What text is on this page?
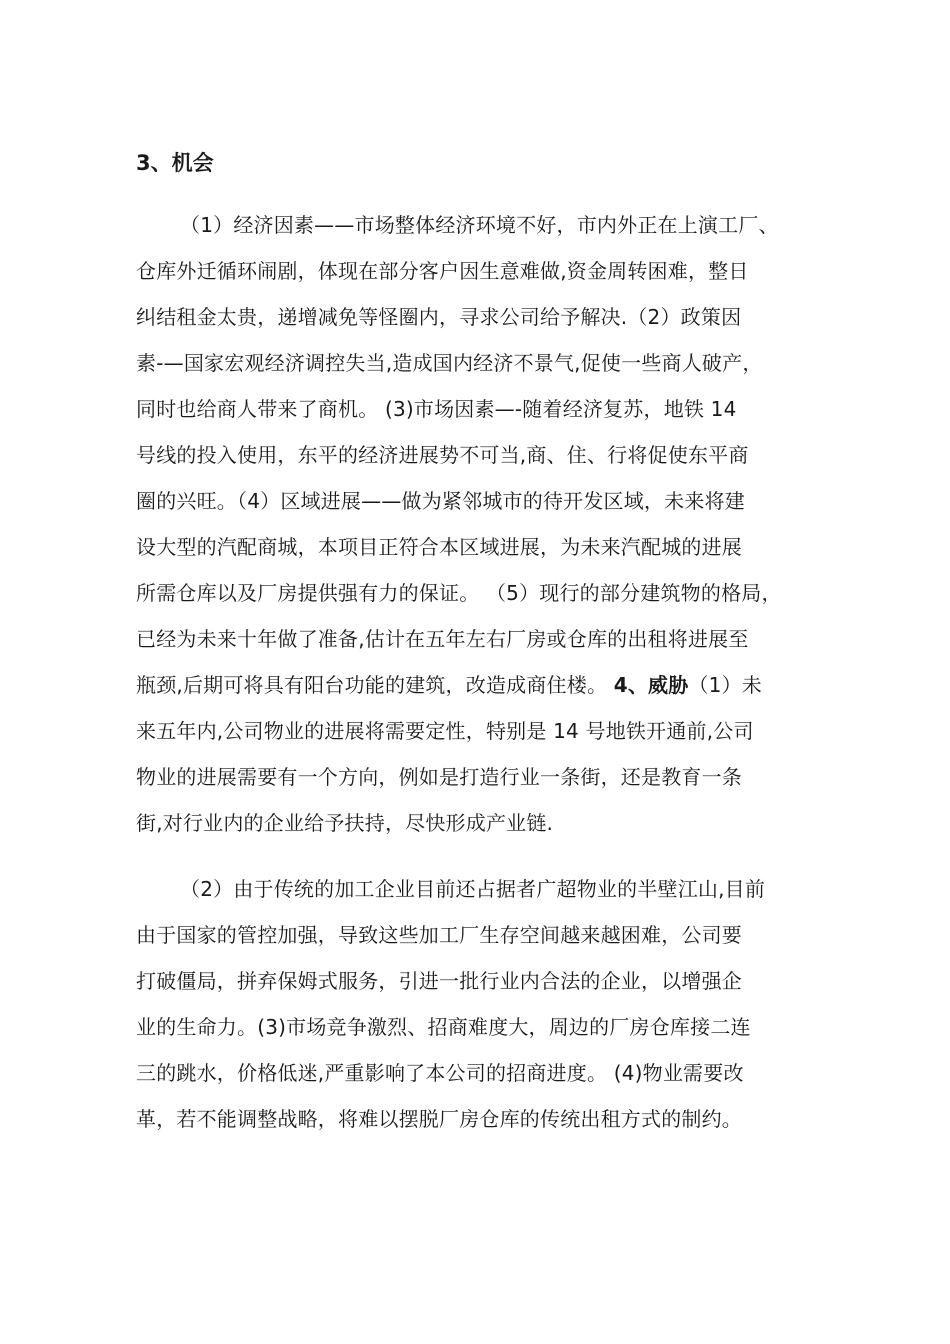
3、机会
（1）经济因素——市场整体经济环境不好，市内外正在上演工厂、
仓库外迁循环闹剧，体现在部分客户因生意难做,资金周转困难，整日
纠结租金太贵，递增减免等怪圈内，寻求公司给予解决.（2）政策因
素-—国家宏观经济调控失当,造成国内经济不景气,促使一些商人破产，
同时也给商人带来了商机。 (3)市场因素—-随着经济复苏，地铁 14
号线的投入使用，东平的经济进展势不可当,商、住、行将促使东平商
圈的兴旺。（4）区域进展——做为紧邻城市的待开发区域，未来将建
设大型的汽配商城，本项目正符合本区域进展，为未来汽配城的进展
所需仓库以及厂房提供强有力的保证。 （5）现行的部分建筑物的格局，
已经为未来十年做了准备,估计在五年左右厂房或仓库的出租将进展至
瓶颈,后期可将具有阳台功能的建筑，改造成商住楼。 4、威胁（1）未
来五年内,公司物业的进展将需要定性，特别是 14 号地铁开通前,公司
物业的进展需要有一个方向，例如是打造行业一条街，还是教育一条
街,对行业内的企业给予扶持，尽快形成产业链.
（2）由于传统的加工企业目前还占据者广超物业的半壁江山,目前
由于国家的管控加强，导致这些加工厂生存空间越来越困难，公司要
打破僵局，拼弃保姆式服务，引进一批行业内合法的企业，以增强企
业的生命力。(3)市场竞争激烈、招商难度大，周边的厂房仓库接二连
三的跳水，价格低迷,严重影响了本公司的招商进度。 (4)物业需要改
革，若不能调整战略，将难以摆脱厂房仓库的传统出租方式的制约。
